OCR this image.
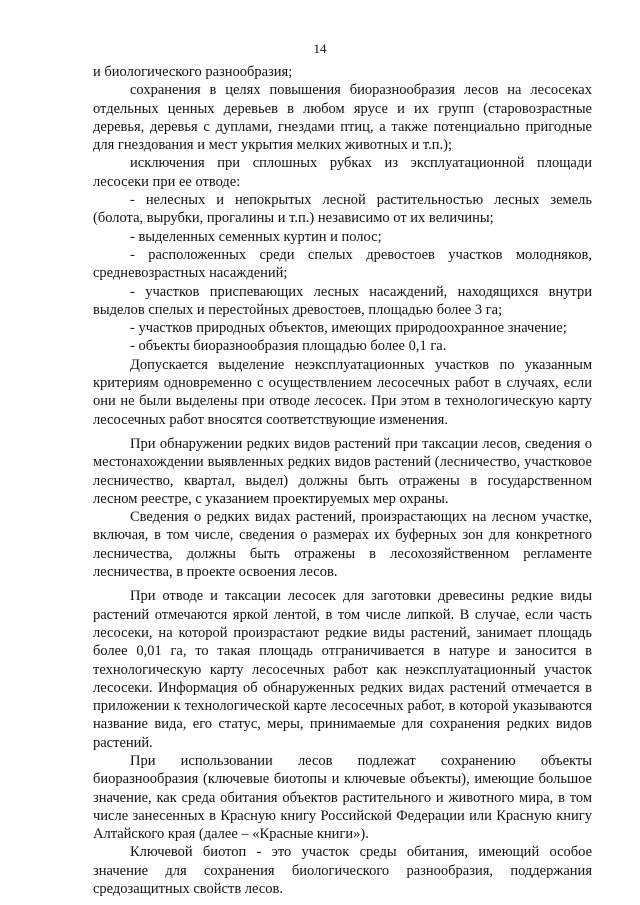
14

и биологического разнообразия;

сохранения в целях повышения биоразнообразия лесов на лесосеках отдельных ценных деревьев в любом ярусе и их групп (старовозрастные деревья, деревья с дуплами, гнездами птиц, а также потенциально пригодные для гнездования и мест укрытия мелких животных и т.п.);

исключения при сплошных рубках из эксплуатационной площади лесосеки при ее отводе:

- нелесных и непокрытых лесной растительностью лесных земель (болота, вырубки, прогалины и т.п.) независимо от их величины;

- выделенных семенных куртин и полос;

- расположенных среди спелых древостоев участков молодняков, средневозрастных насаждений;

- участков приспевающих лесных насаждений, находящихся внутри выделов спелых и перестойных древостоев, площадью более 3 га;

- участков природных объектов, имеющих природоохранное значение;

- объекты биоразнообразия площадью более 0,1 га.

Допускается выделение неэксплуатационных участков по указанным критериям одновременно с осуществлением лесосечных работ в случаях, если они не были выделены при отводе лесосек. При этом в технологическую карту лесосечных работ вносятся соответствующие изменения.

При обнаружении редких видов растений при таксации лесов, сведения о местонахождении выявленных редких видов растений (лесничество, участковое лесничество, квартал, выдел) должны быть отражены в государственном лесном реестре, с указанием проектируемых мер охраны.

Сведения о редких видах растений, произрастающих на лесном участке, включая, в том числе, сведения о размерах их буферных зон для конкретного лесничества, должны быть отражены в лесохозяйственном регламенте лесничества, в проекте освоения лесов.

При отводе и таксации лесосек для заготовки древесины редкие виды растений отмечаются яркой лентой, в том числе липкой. В случае, если часть лесосеки, на которой произрастают редкие виды растений, занимает площадь более 0,01 га, то такая площадь отграничивается в натуре и заносится в технологическую карту лесосечных работ как неэксплуатационный участок лесосеки. Информация об обнаруженных редких видах растений отмечается в приложении к технологической карте лесосечных работ, в которой указываются название вида, его статус, меры, принимаемые для сохранения редких видов растений.

При использовании лесов подлежат сохранению объекты биоразнообразия (ключевые биотопы и ключевые объекты), имеющие большое значение, как среда обитания объектов растительного и животного мира, в том числе занесенных в Красную книгу Российской Федерации или Красную книгу Алтайского края (далее – «Красные книги»).

Ключевой биотоп - это участок среды обитания, имеющий особое значение для сохранения биологического разнообразия, поддержания средозащитных свойств лесов.
